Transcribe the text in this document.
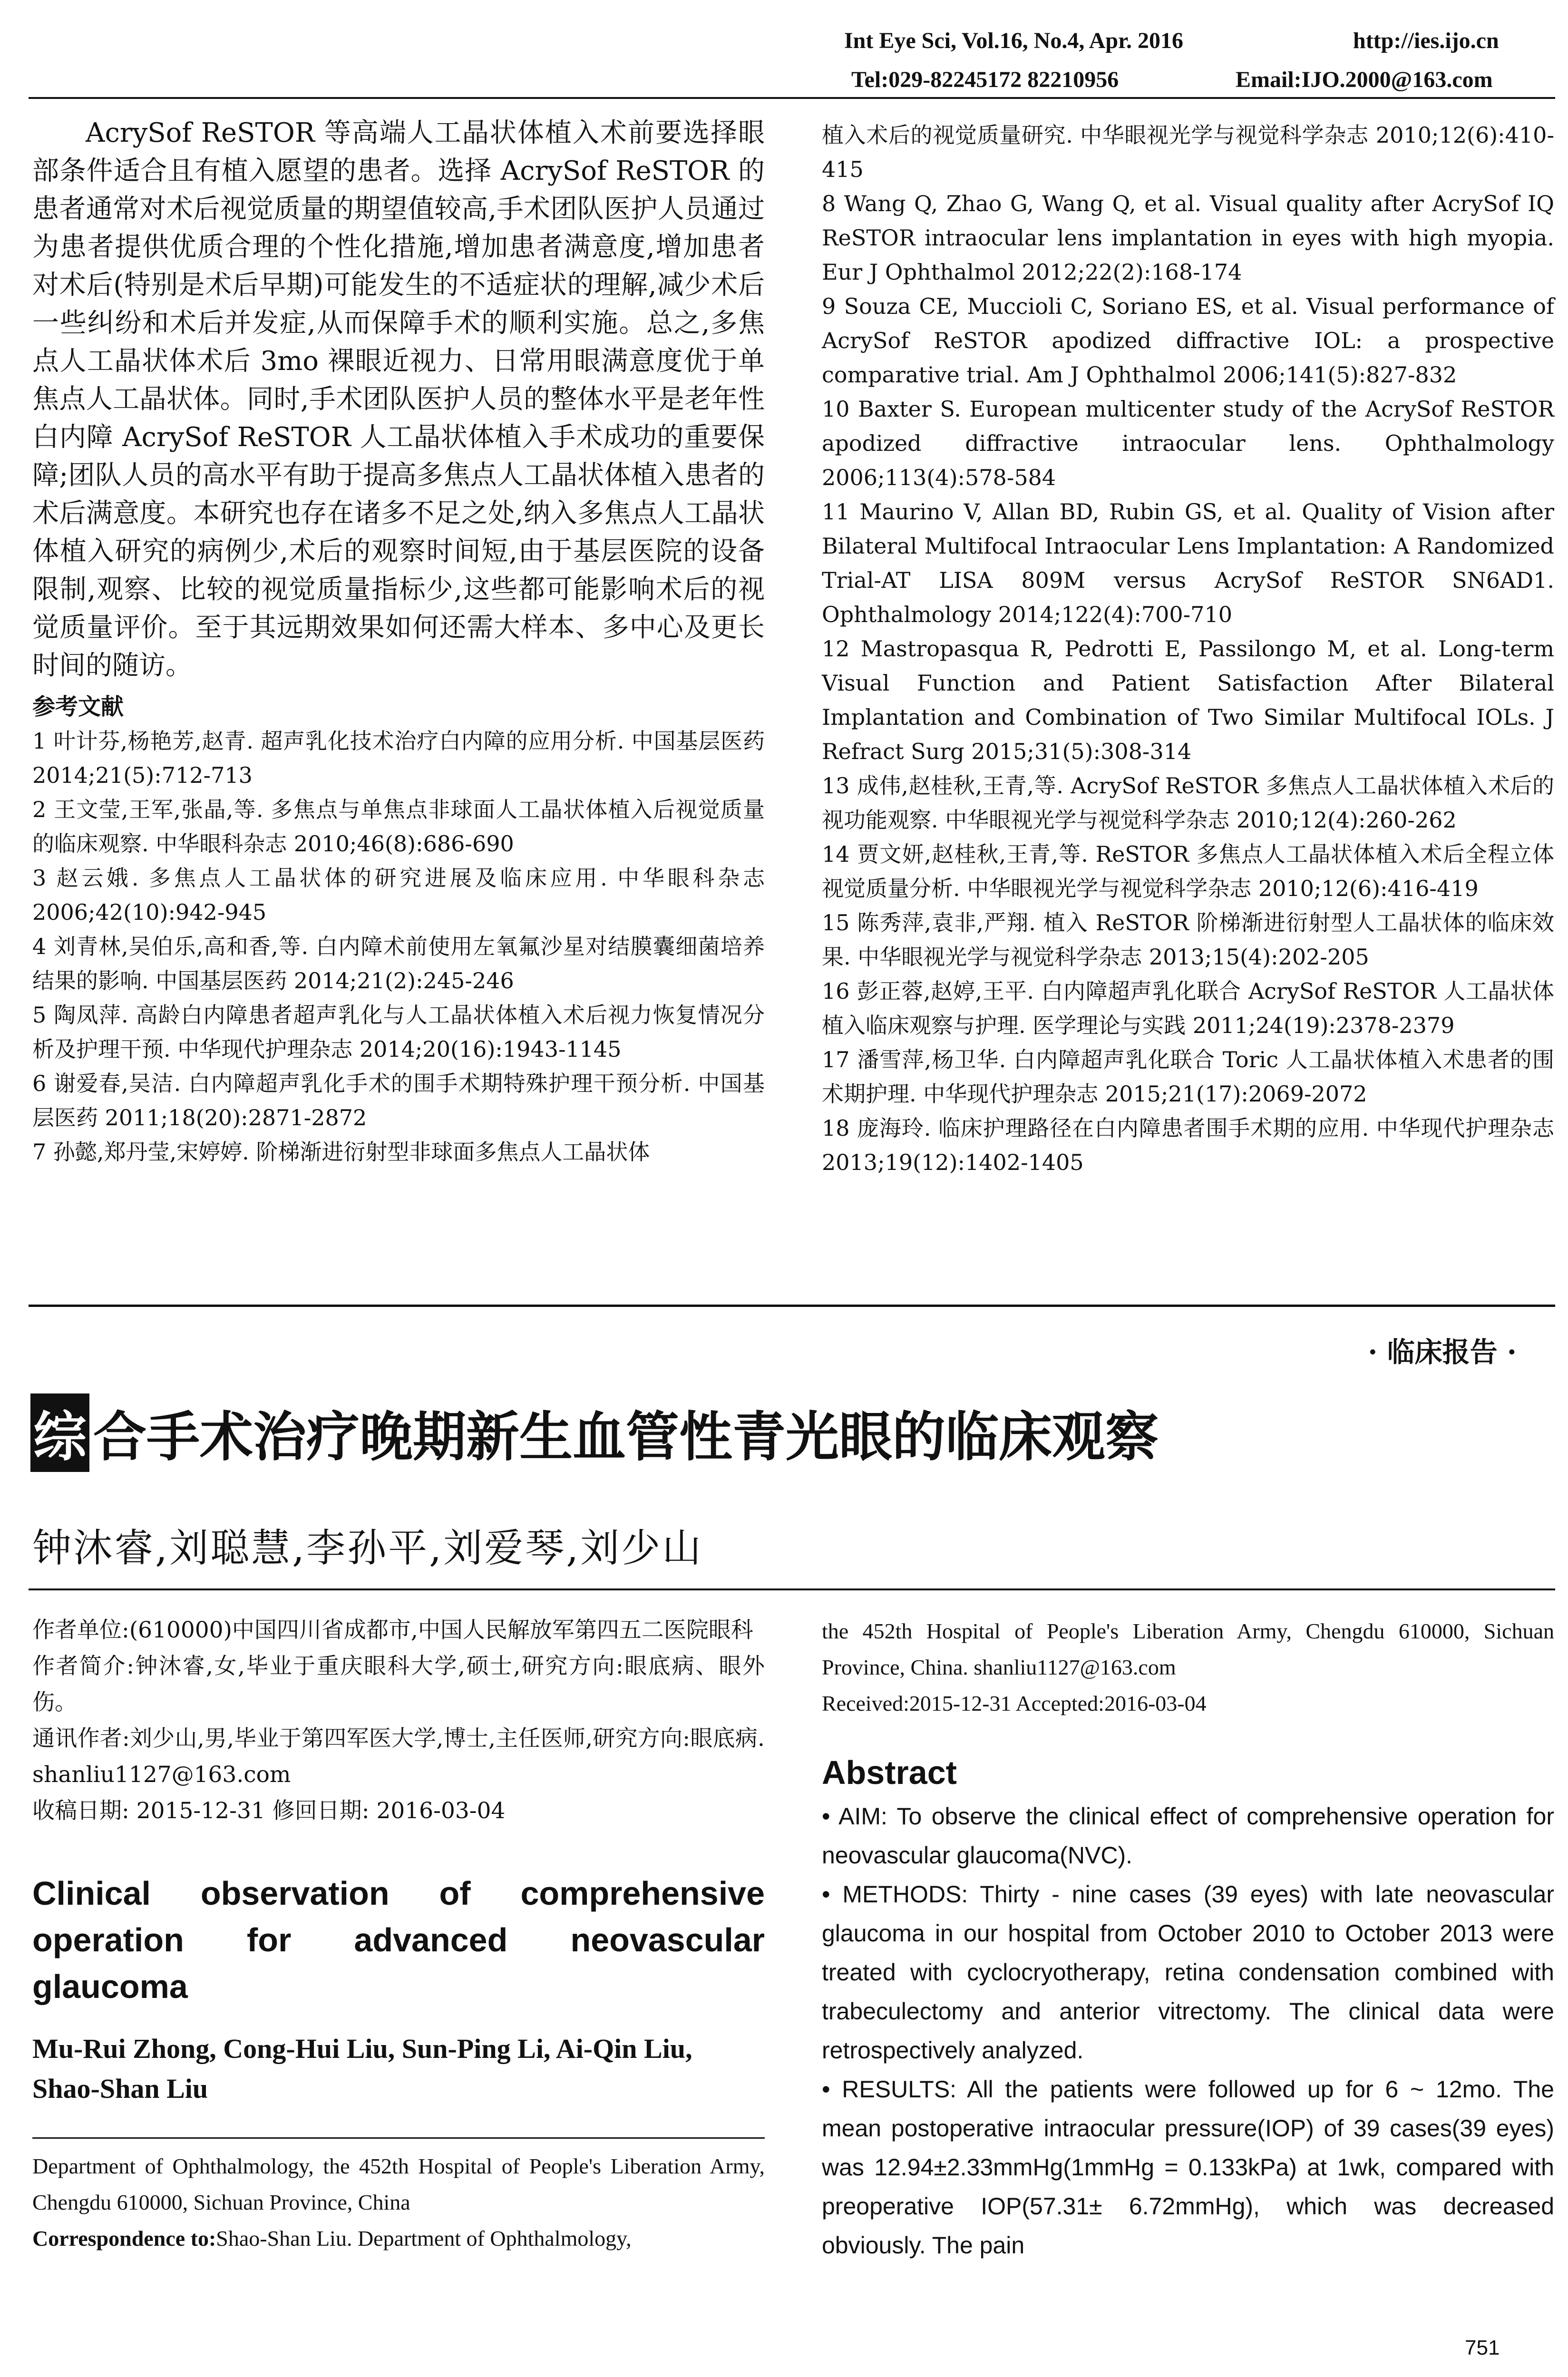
Int Eye Sci, Vol.16, No.4, Apr. 2016	http://ies.ijo.cn
Tel:029-82245172 82210956	Email:IJO.2000@163.com

AcrySof ReSTOR 等高端人工晶状体植入术前要选择眼部条件适合且有植入愿望的患者。选择 AcrySof ReSTOR 的患者通常对术后视觉质量的期望值较高,手术团队医护人员通过为患者提供优质合理的个性化措施,增加患者满意度,增加患者对术后(特别是术后早期)可能发生的不适症状的理解,减少术后一些纠纷和术后并发症,从而保障手术的顺利实施。总之,多焦点人工晶状体术后 3mo 裸眼近视力、日常用眼满意度优于单焦点人工晶状体。同时,手术团队医护人员的整体水平是老年性白内障 AcrySof ReSTOR 人工晶状体植入手术成功的重要保障;团队人员的高水平有助于提高多焦点人工晶状体植入患者的术后满意度。本研究也存在诸多不足之处,纳入多焦点人工晶状体植入研究的病例少,术后的观察时间短,由于基层医院的设备限制,观察、比较的视觉质量指标少,这些都可能影响术后的视觉质量评价。至于其远期效果如何还需大样本、多中心及更长时间的随访。

参考文献

1 叶计芬,杨艳芳,赵青. 超声乳化技术治疗白内障的应用分析. 中国基层医药 2014;21(5):712-713

2 王文莹,王军,张晶,等. 多焦点与单焦点非球面人工晶状体植入后视觉质量的临床观察. 中华眼科杂志 2010;46(8):686-690

3 赵云娥. 多焦点人工晶状体的研究进展及临床应用. 中华眼科杂志 2006;42(10):942-945

4 刘青林,吴伯乐,高和香,等. 白内障术前使用左氧氟沙星对结膜囊细菌培养结果的影响. 中国基层医药 2014;21(2):245-246

5 陶凤萍. 高龄白内障患者超声乳化与人工晶状体植入术后视力恢复情况分析及护理干预. 中华现代护理杂志 2014;20(16):1943-1145

6 谢爱春,吴洁. 白内障超声乳化手术的围手术期特殊护理干预分析. 中国基层医药 2011;18(20):2871-2872

7 孙懿,郑丹莹,宋婷婷. 阶梯渐进衍射型非球面多焦点人工晶状体

植入术后的视觉质量研究. 中华眼视光学与视觉科学杂志 2010;12(6):410-415

8 Wang Q, Zhao G, Wang Q, et al. Visual quality after AcrySof IQ ReSTOR intraocular lens implantation in eyes with high myopia. Eur J Ophthalmol 2012;22(2):168-174

9 Souza CE, Muccioli C, Soriano ES, et al. Visual performance of AcrySof ReSTOR apodized diffractive IOL: a prospective comparative trial. Am J Ophthalmol 2006;141(5):827-832

10 Baxter S. European multicenter study of the AcrySof ReSTOR apodized diffractive intraocular lens. Ophthalmology 2006;113(4):578-584

11 Maurino V, Allan BD, Rubin GS, et al. Quality of Vision after Bilateral Multifocal Intraocular Lens Implantation: A Randomized Trial-AT LISA 809M versus AcrySof ReSTOR SN6AD1. Ophthalmology 2014;122(4):700-710

12 Mastropasqua R, Pedrotti E, Passilongo M, et al. Long-term Visual Function and Patient Satisfaction After Bilateral Implantation and Combination of Two Similar Multifocal IOLs. J Refract Surg 2015;31(5):308-314

13 成伟,赵桂秋,王青,等. AcrySof ReSTOR 多焦点人工晶状体植入术后的视功能观察. 中华眼视光学与视觉科学杂志 2010;12(4):260-262

14 贾文妍,赵桂秋,王青,等. ReSTOR 多焦点人工晶状体植入术后全程立体视觉质量分析. 中华眼视光学与视觉科学杂志 2010;12(6):416-419

15 陈秀萍,袁非,严翔. 植入 ReSTOR 阶梯渐进衍射型人工晶状体的临床效果. 中华眼视光学与视觉科学杂志 2013;15(4):202-205

16 彭正蓉,赵婷,王平. 白内障超声乳化联合 AcrySof ReSTOR 人工晶状体植入临床观察与护理. 医学理论与实践 2011;24(19):2378-2379

17 潘雪萍,杨卫华. 白内障超声乳化联合 Toric 人工晶状体植入术患者的围术期护理. 中华现代护理杂志 2015;21(17):2069-2072

18 庞海玲. 临床护理路径在白内障患者围手术期的应用. 中华现代护理杂志 2013;19(12):1402-1405

· 临床报告 ·
综 合手术治疗晚期新生血管性青光眼的临床观察
钟沐睿,刘聪慧,李孙平,刘爱琴,刘少山

作者单位:(610000)中国四川省成都市,中国人民解放军第四五二医院眼科

作者简介:钟沐睿,女,毕业于重庆眼科大学,硕士,研究方向:眼底病、眼外伤。

通讯作者:刘少山,男,毕业于第四军医大学,博士,主任医师,研究方向:眼底病. shanliu1127@163.com

收稿日期: 2015-12-31 修回日期: 2016-03-04

Clinical observation of comprehensive operation for advanced neovascular glaucoma
Mu-Rui Zhong, Cong-Hui Liu, Sun-Ping Li, Ai-Qin Liu, Shao-Shan Liu
Department of Ophthalmology, the 452th Hospital of People's Liberation Army, Chengdu 610000, Sichuan Province, China
Correspondence to:Shao-Shan Liu. Department of Ophthalmology,
the 452th Hospital of People's Liberation Army, Chengdu 610000, Sichuan Province, China. shanliu1127@163.com
Received:2015-12-31 Accepted:2016-03-04
Abstract

• AIM: To observe the clinical effect of comprehensive operation for neovascular glaucoma(NVC).

• METHODS: Thirty - nine cases (39 eyes) with late neovascular glaucoma in our hospital from October 2010 to October 2013 were treated with cyclocryotherapy, retina condensation combined with trabeculectomy and anterior vitrectomy. The clinical data were retrospectively analyzed.

• RESULTS: All the patients were followed up for 6 ~ 12mo. The mean postoperative intraocular pressure(IOP) of 39 cases(39 eyes) was 12.94±2.33mmHg(1mmHg = 0.133kPa) at 1wk, compared with preoperative IOP(57.31± 6.72mmHg), which was decreased obviously. The pain

751
